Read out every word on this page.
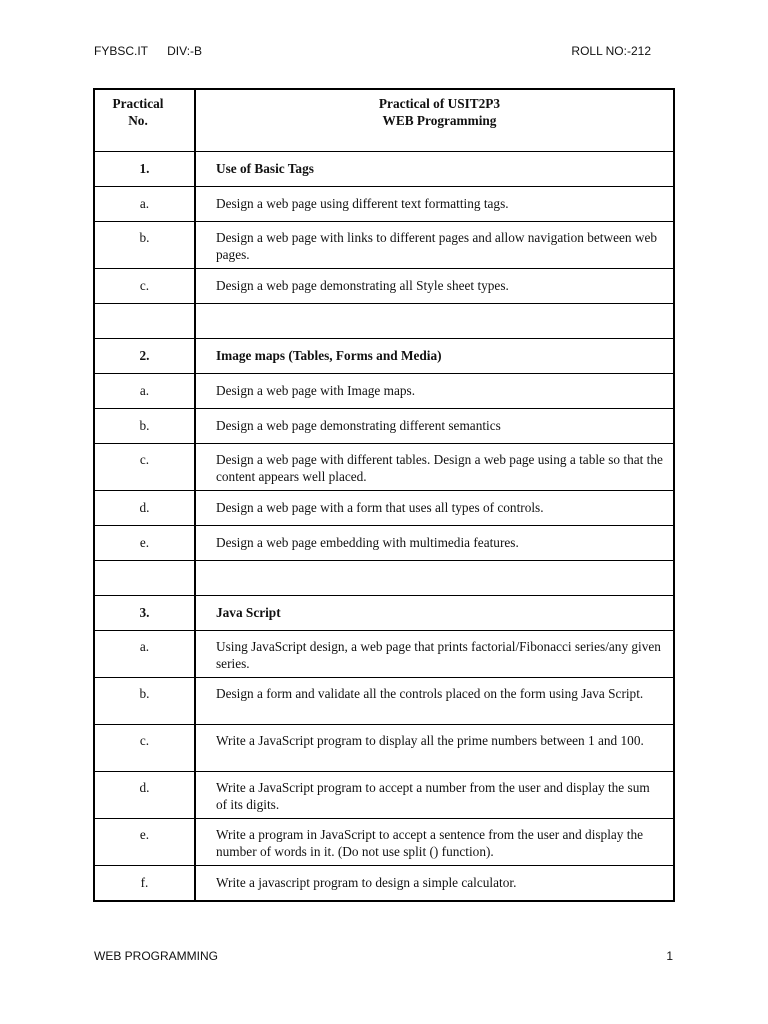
FYBSC.IT DIV:-B	ROLL NO:-212
Practical No.	Practical of USIT2P3
WEB Programming

1.	Use of Basic Tags

a.	Design a web page using different text formatting tags.

b.	Design a web page with links to different pages and allow navigation between web pages.

c.	Design a web page demonstrating all Style sheet types.

2.	Image maps (Tables, Forms and Media)

a.	Design a web page with Image maps.

b.	Design a web page demonstrating different semantics

c.	Design a web page with different tables. Design a web page using a table so that the content appears well placed.

d.	Design a web page with a form that uses all types of controls.

e.	Design a web page embedding with multimedia features.

3.	Java Script

a.	Using JavaScript design, a web page that prints factorial/Fibonacci series/any given series.

b.	Design a form and validate all the controls placed on the form using Java Script.

c.	Write a JavaScript program to display all the prime numbers between 1 and 100.

d.	Write a JavaScript program to accept a number from the user and display the sum of its digits.

e.	Write a program in JavaScript to accept a sentence from the user and display the number of words in it. (Do not use split () function).

f.	Write a javascript program to design a simple calculator.
WEB PROGRAMMING	1
